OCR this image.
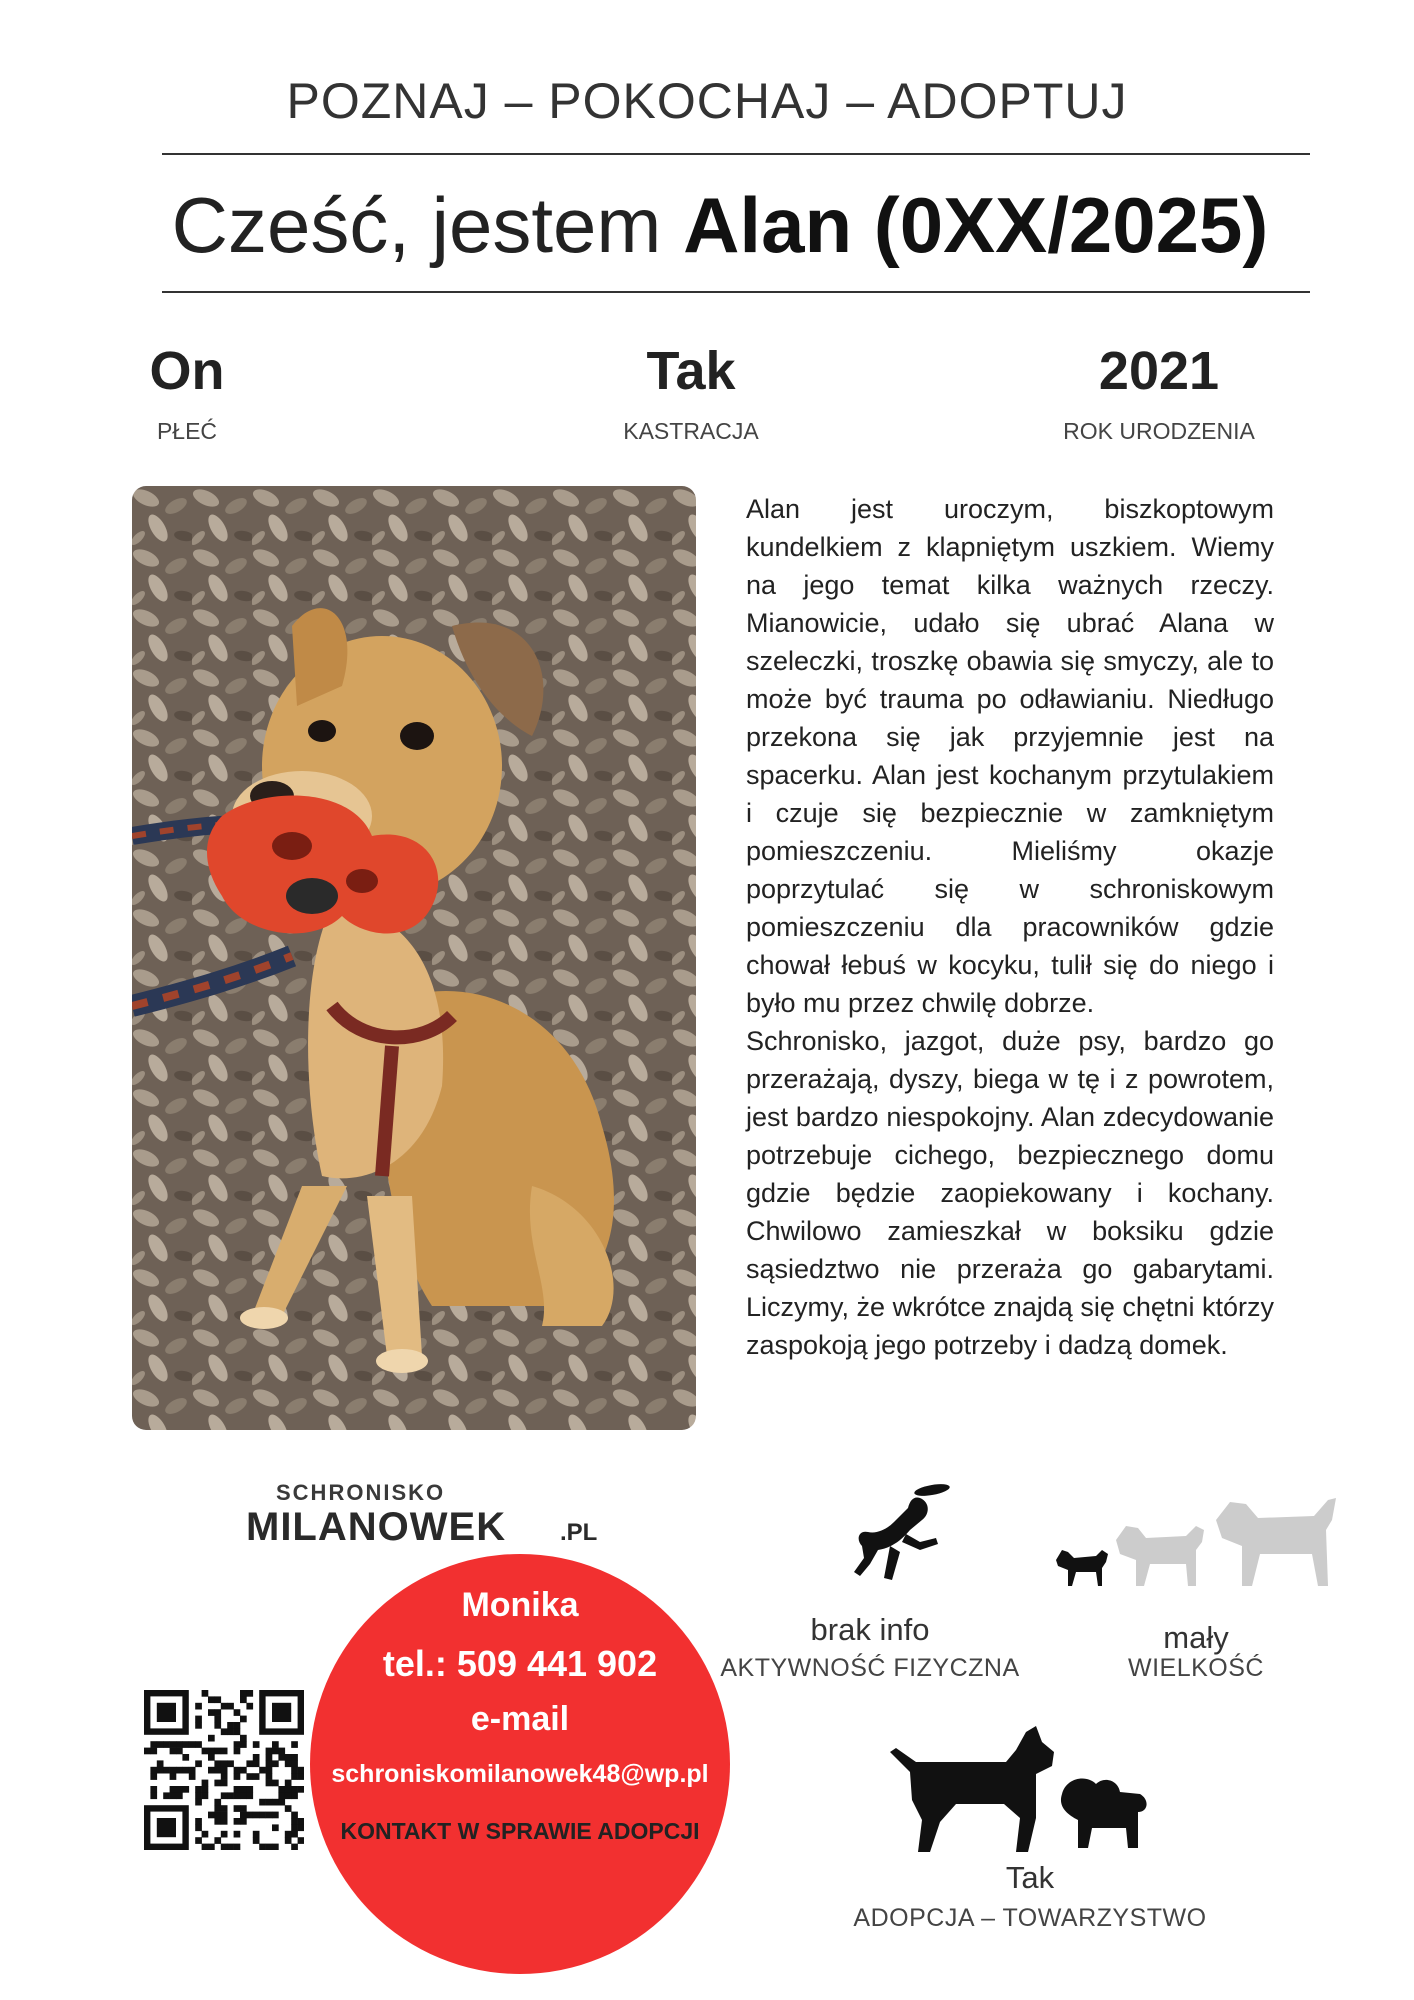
POZNAJ – POKOCHAJ – ADOPTUJ
Cześć, jestem Alan (0XX/2025)
On
PŁEĆ
Tak
KASTRACJA
2021
ROK URODZENIA

Alan jest uroczym, biszkoptowym kundelkiem z klapniętym uszkiem. Wiemy na jego temat kilka ważnych rzeczy. Mianowicie, udało się ubrać Alana w szeleczki, troszkę obawia się smyczy, ale to może być trauma po odławianiu. Niedługo przekona się jak przyjemnie jest na spacerku. Alan jest kochanym przytulakiem i czuje się bezpiecznie w zamkniętym pomieszczeniu. Mieliśmy okazje poprzytulać się w schroniskowym pomieszczeniu dla pracowników gdzie chował łebuś w kocyku, tulił się do niego i było mu przez chwilę dobrze.

Schronisko, jazgot, duże psy, bardzo go przerażają, dyszy, biega w tę i z powrotem, jest bardzo niespokojny. Alan zdecydowanie potrzebuje cichego, bezpiecznego domu gdzie będzie zaopiekowany i kochany. Chwilowo zamieszkał w boksiku gdzie sąsiedztwo nie przeraża go gabarytami. Liczymy, że wkrótce znajdą się chętni którzy zaspokoją jego potrzeby i dadzą domek.

SCHRONISKO
MILANOWEK .PL
Monika
tel.: 509 441 902
e-mail
schroniskomilanowek48@wp.pl
KONTAKT W SPRAWIE ADOPCJI
brak info
AKTYWNOŚĆ FIZYCZNA
mały
WIELKOŚĆ
Tak
ADOPCJA – TOWARZYSTWO
